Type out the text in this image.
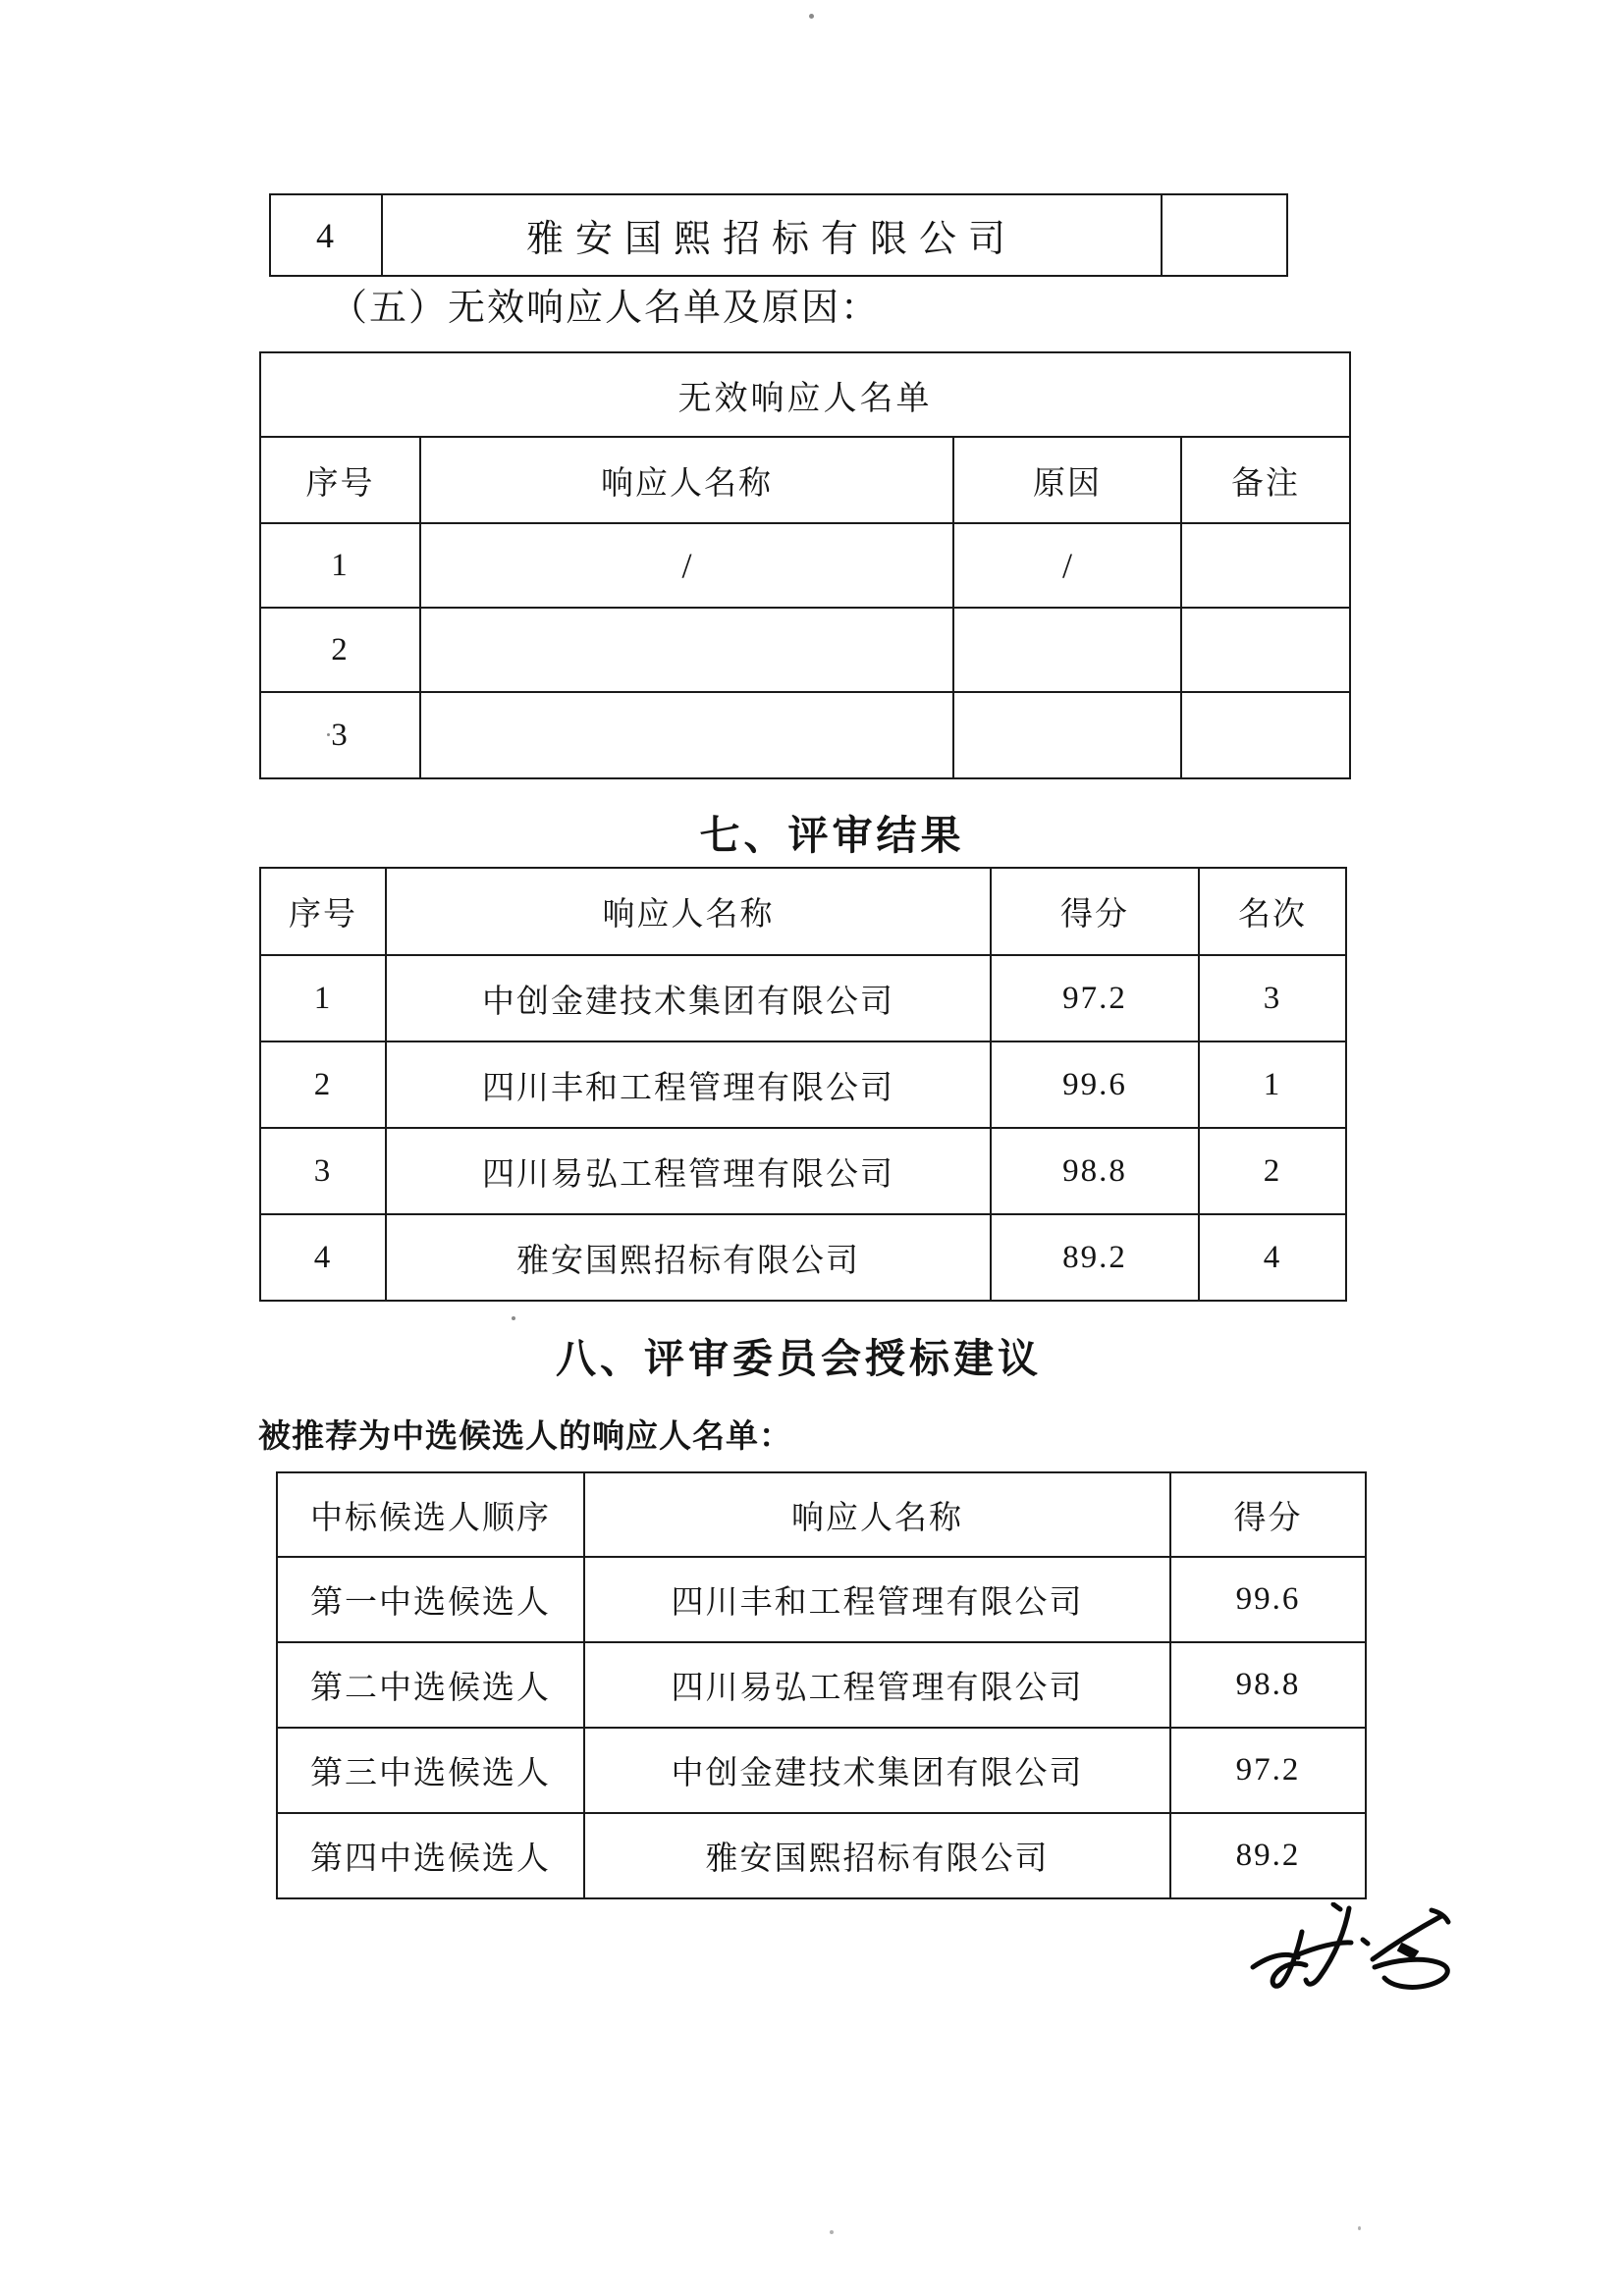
4	雅安国熙招标有限公司	
（五）无效响应人名单及原因：
无效响应人名单			
序号	响应人名称	原因	备注
1	/	/	
2			
3			
七、评审结果
序号	响应人名称	得分	名次
1	中创金建技术集团有限公司	97.2	3
2	四川丰和工程管理有限公司	99.6	1
3	四川易弘工程管理有限公司	98.8	2
4	雅安国熙招标有限公司	89.2	4
八、评审委员会授标建议
被推荐为中选候选人的响应人名单：
中标候选人顺序	响应人名称	得分
第一中选候选人	四川丰和工程管理有限公司	99.6
第二中选候选人	四川易弘工程管理有限公司	98.8
第三中选候选人	中创金建技术集团有限公司	97.2
第四中选候选人	雅安国熙招标有限公司	89.2
